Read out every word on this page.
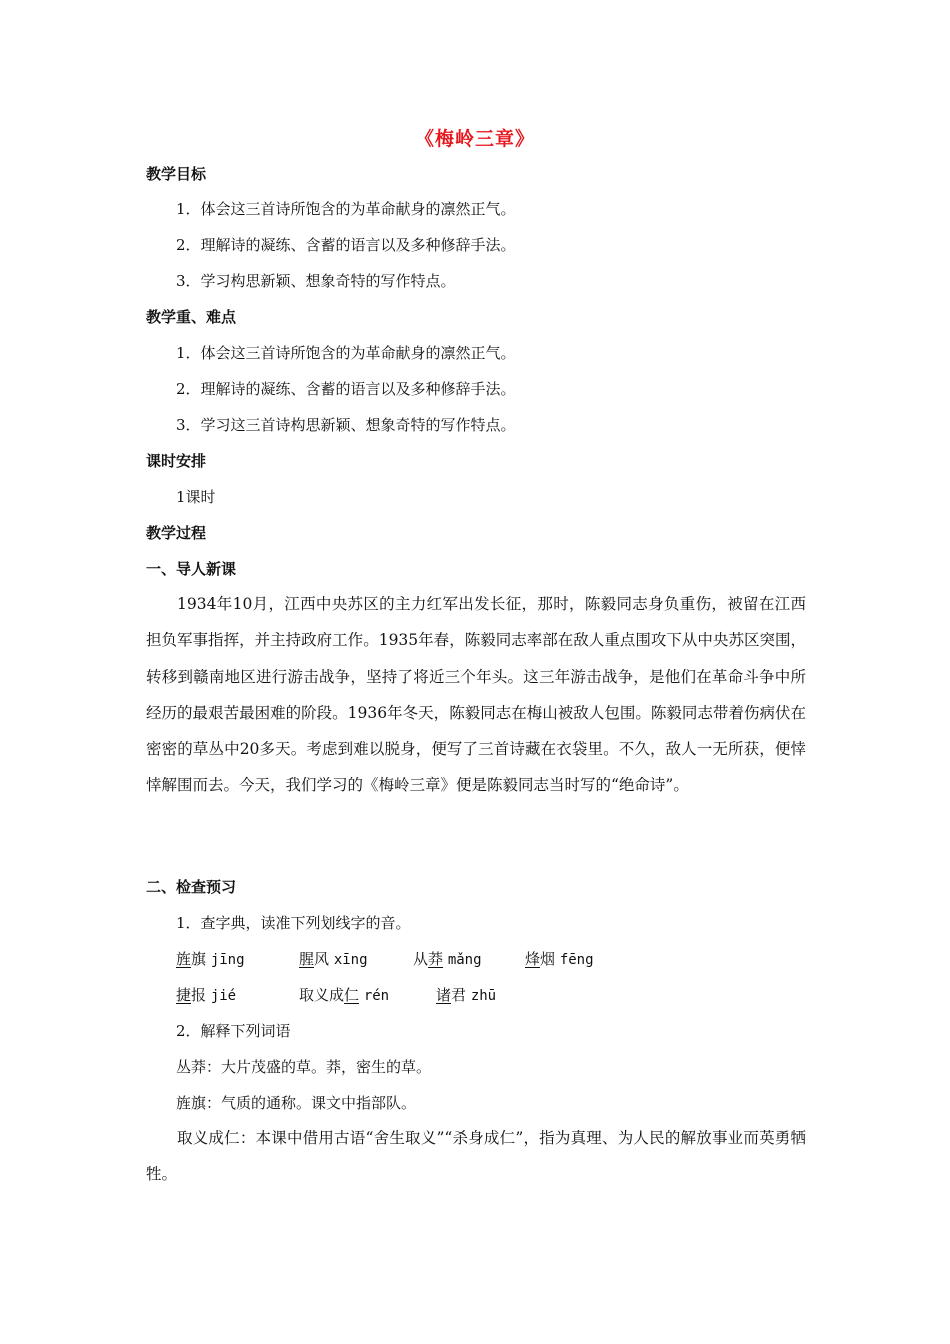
《梅岭三章》
教学目标
1．体会这三首诗所饱含的为革命献身的凛然正气。
2．理解诗的凝练、含蓄的语言以及多种修辞手法。
3．学习构思新颖、想象奇特的写作特点。
教学重、难点
1．体会这三首诗所饱含的为革命献身的凛然正气。
2．理解诗的凝练、含蓄的语言以及多种修辞手法。
3．学习这三首诗构思新颖、想象奇特的写作特点。
课时安排
1课时
教学过程
一、导人新课
1934年10月，江西中央苏区的主力红军出发长征，那时，陈毅同志身负重伤，被留在江西担负军事指挥，并主持政府工作。1935年春，陈毅同志率部在敌人重点围攻下从中央苏区突围，转移到赣南地区进行游击战争，坚持了将近三个年头。这三年游击战争，是他们在革命斗争中所经历的最艰苦最困难的阶段。1936年冬天，陈毅同志在梅山被敌人包围。陈毅同志带着伤病伏在密密的草丛中20多天。考虑到难以脱身，便写了三首诗藏在衣袋里。不久，敌人一无所获，便悻悻解围而去。今天，我们学习的《梅岭三章》便是陈毅同志当时写的“绝命诗”。
二、检查预习
1．查字典，读准下列划线字的音。
旌旗 jīng	腥风 xīng	从莽 mǎng	烽烟 fēng
捷报 jié	取义成仁 rén	诸君 zhū
2．解释下列词语
丛莽：大片茂盛的草。莽，密生的草。
旌旗：气质的通称。课文中指部队。
取义成仁：本课中借用古语“舍生取义”“杀身成仁”，指为真理、为人民的解放事业而英勇牺牲。
